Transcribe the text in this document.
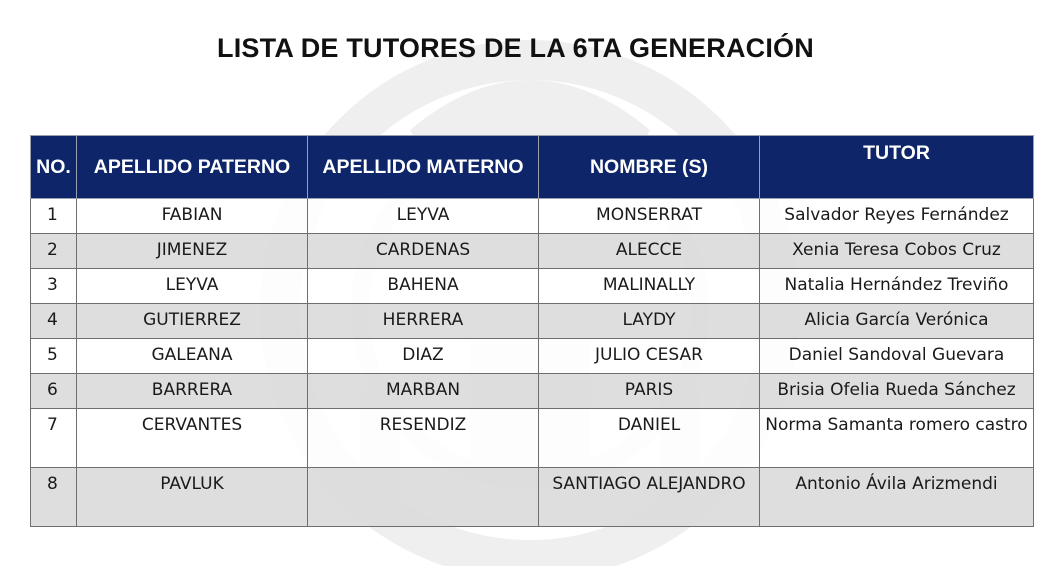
LISTA DE TUTORES DE LA 6TA GENERACIÓN
NO.	APELLIDO PATERNO	APELLIDO MATERNO	NOMBRE (S)	TUTOR
1	FABIAN	LEYVA	MONSERRAT	Salvador Reyes Fernández
2	JIMENEZ	CARDENAS	ALECCE	Xenia Teresa Cobos Cruz
3	LEYVA	BAHENA	MALINALLY	Natalia Hernández Treviño
4	GUTIERREZ	HERRERA	LAYDY	Alicia García Verónica
5	GALEANA	DIAZ	JULIO CESAR	Daniel Sandoval Guevara
6	BARRERA	MARBAN	PARIS	Brisia Ofelia Rueda Sánchez
7	CERVANTES	RESENDIZ	DANIEL	Norma Samanta romero castro
8	PAVLUK		SANTIAGO ALEJANDRO	Antonio Ávila Arizmendi
